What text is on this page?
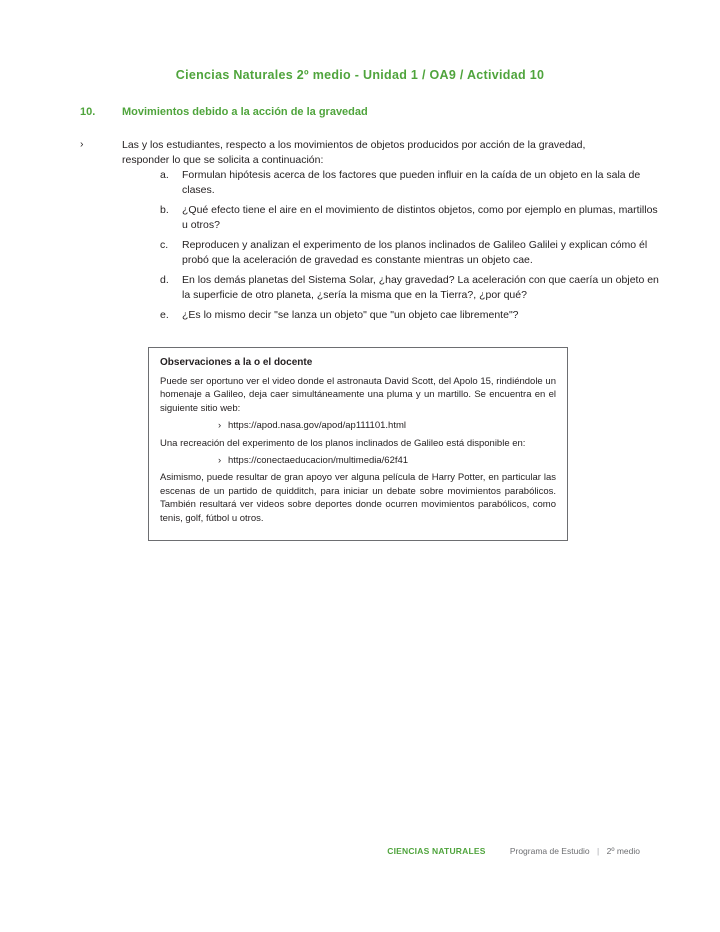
Ciencias Naturales 2º medio - Unidad 1 / OA9 / Actividad 10
10.	Movimientos debido a la acción de la gravedad
›	Las y los estudiantes, respecto a los movimientos de objetos producidos por acción de la gravedad, responder lo que se solicita a continuación:
a.	Formulan hipótesis acerca de los factores que pueden influir en la caída de un objeto en la sala de clases.
b.	¿Qué efecto tiene el aire en el movimiento de distintos objetos, como por ejemplo en plumas, martillos u otros?
c.	Reproducen y analizan el experimento de los planos inclinados de Galileo Galilei y explican cómo él probó que la aceleración de gravedad es constante mientras un objeto cae.
d.	En los demás planetas del Sistema Solar, ¿hay gravedad? La aceleración con que caería un objeto en la superficie de otro planeta, ¿sería la misma que en la Tierra?, ¿por qué?
e.	¿Es lo mismo decir "se lanza un objeto" que "un objeto cae libremente"?
Observaciones a la o el docente

Puede ser oportuno ver el video donde el astronauta David Scott, del Apolo 15, rindiéndole un homenaje a Galileo, deja caer simultáneamente una pluma y un martillo. Se encuentra en el siguiente sitio web:

› https://apod.nasa.gov/apod/ap111101.html

Una recreación del experimento de los planos inclinados de Galileo está disponible en:

› https://conectaeducacion/multimedia/62f41

Asimismo, puede resultar de gran apoyo ver alguna película de Harry Potter, en particular las escenas de un partido de quidditch, para iniciar un debate sobre movimientos parabólicos. También resultará ver videos sobre deportes donde ocurren movimientos parabólicos, como tenis, golf, fútbol u otros.

CIENCIAS NATURALES	Programa de Estudio | 2º medio
